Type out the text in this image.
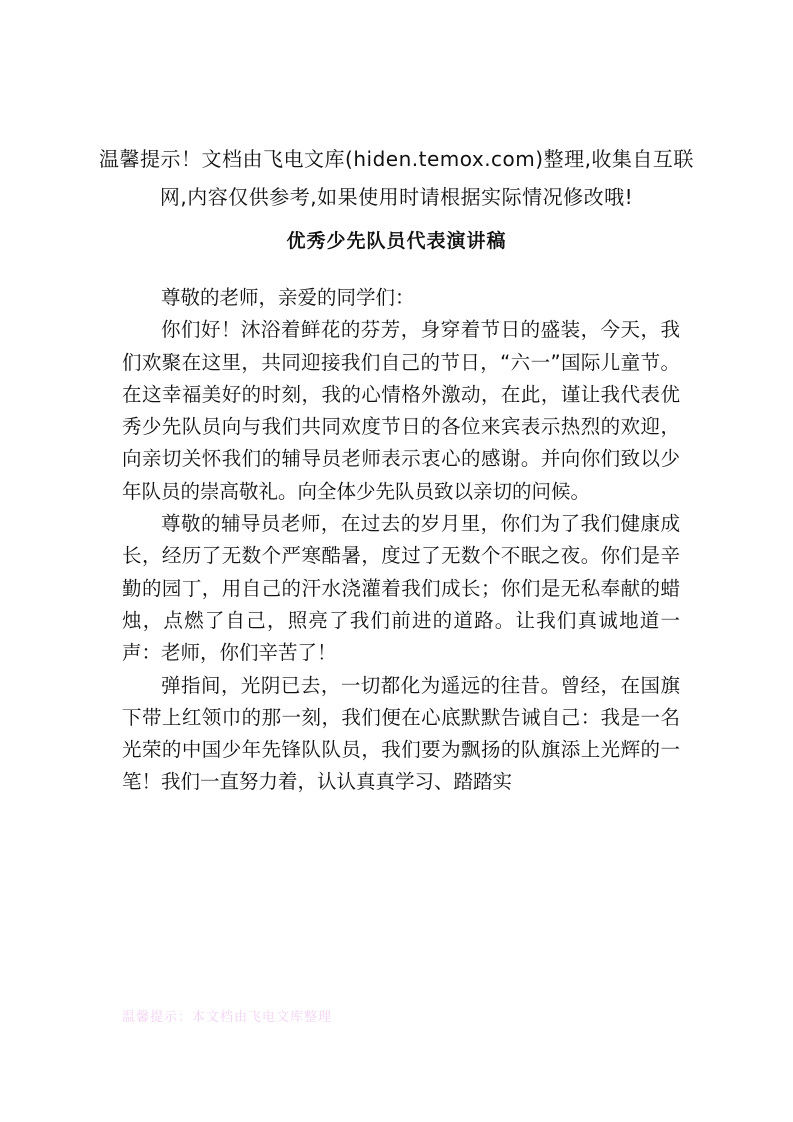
温馨提示！文档由飞电文库(hiden.temox.com)整理,收集自互联网,内容仅供参考,如果使用时请根据实际情况修改哦!
优秀少先队员代表演讲稿

尊敬的老师，亲爱的同学们：

你们好！沐浴着鲜花的芬芳，身穿着节日的盛装，今天，我们欢聚在这里，共同迎接我们自己的节日，“六一”国际儿童节。在这幸福美好的时刻，我的心情格外激动，在此，谨让我代表优秀少先队员向与我们共同欢度节日的各位来宾表示热烈的欢迎，向亲切关怀我们的辅导员老师表示衷心的感谢。并向你们致以少年队员的崇高敬礼。向全体少先队员致以亲切的问候。

尊敬的辅导员老师，在过去的岁月里，你们为了我们健康成长，经历了无数个严寒酷暑，度过了无数个不眠之夜。你们是辛勤的园丁，用自己的汗水浇灌着我们成长；你们是无私奉献的蜡烛，点燃了自己，照亮了我们前进的道路。让我们真诚地道一声：老师，你们辛苦了！

弹指间，光阴已去，一切都化为遥远的往昔。曾经，在国旗下带上红领巾的那一刻，我们便在心底默默告诫自己：我是一名光荣的中国少年先锋队队员，我们要为飘扬的队旗添上光辉的一笔！我们一直努力着，认认真真学习、踏踏实

温馨提示：本文档由飞电文库整理
